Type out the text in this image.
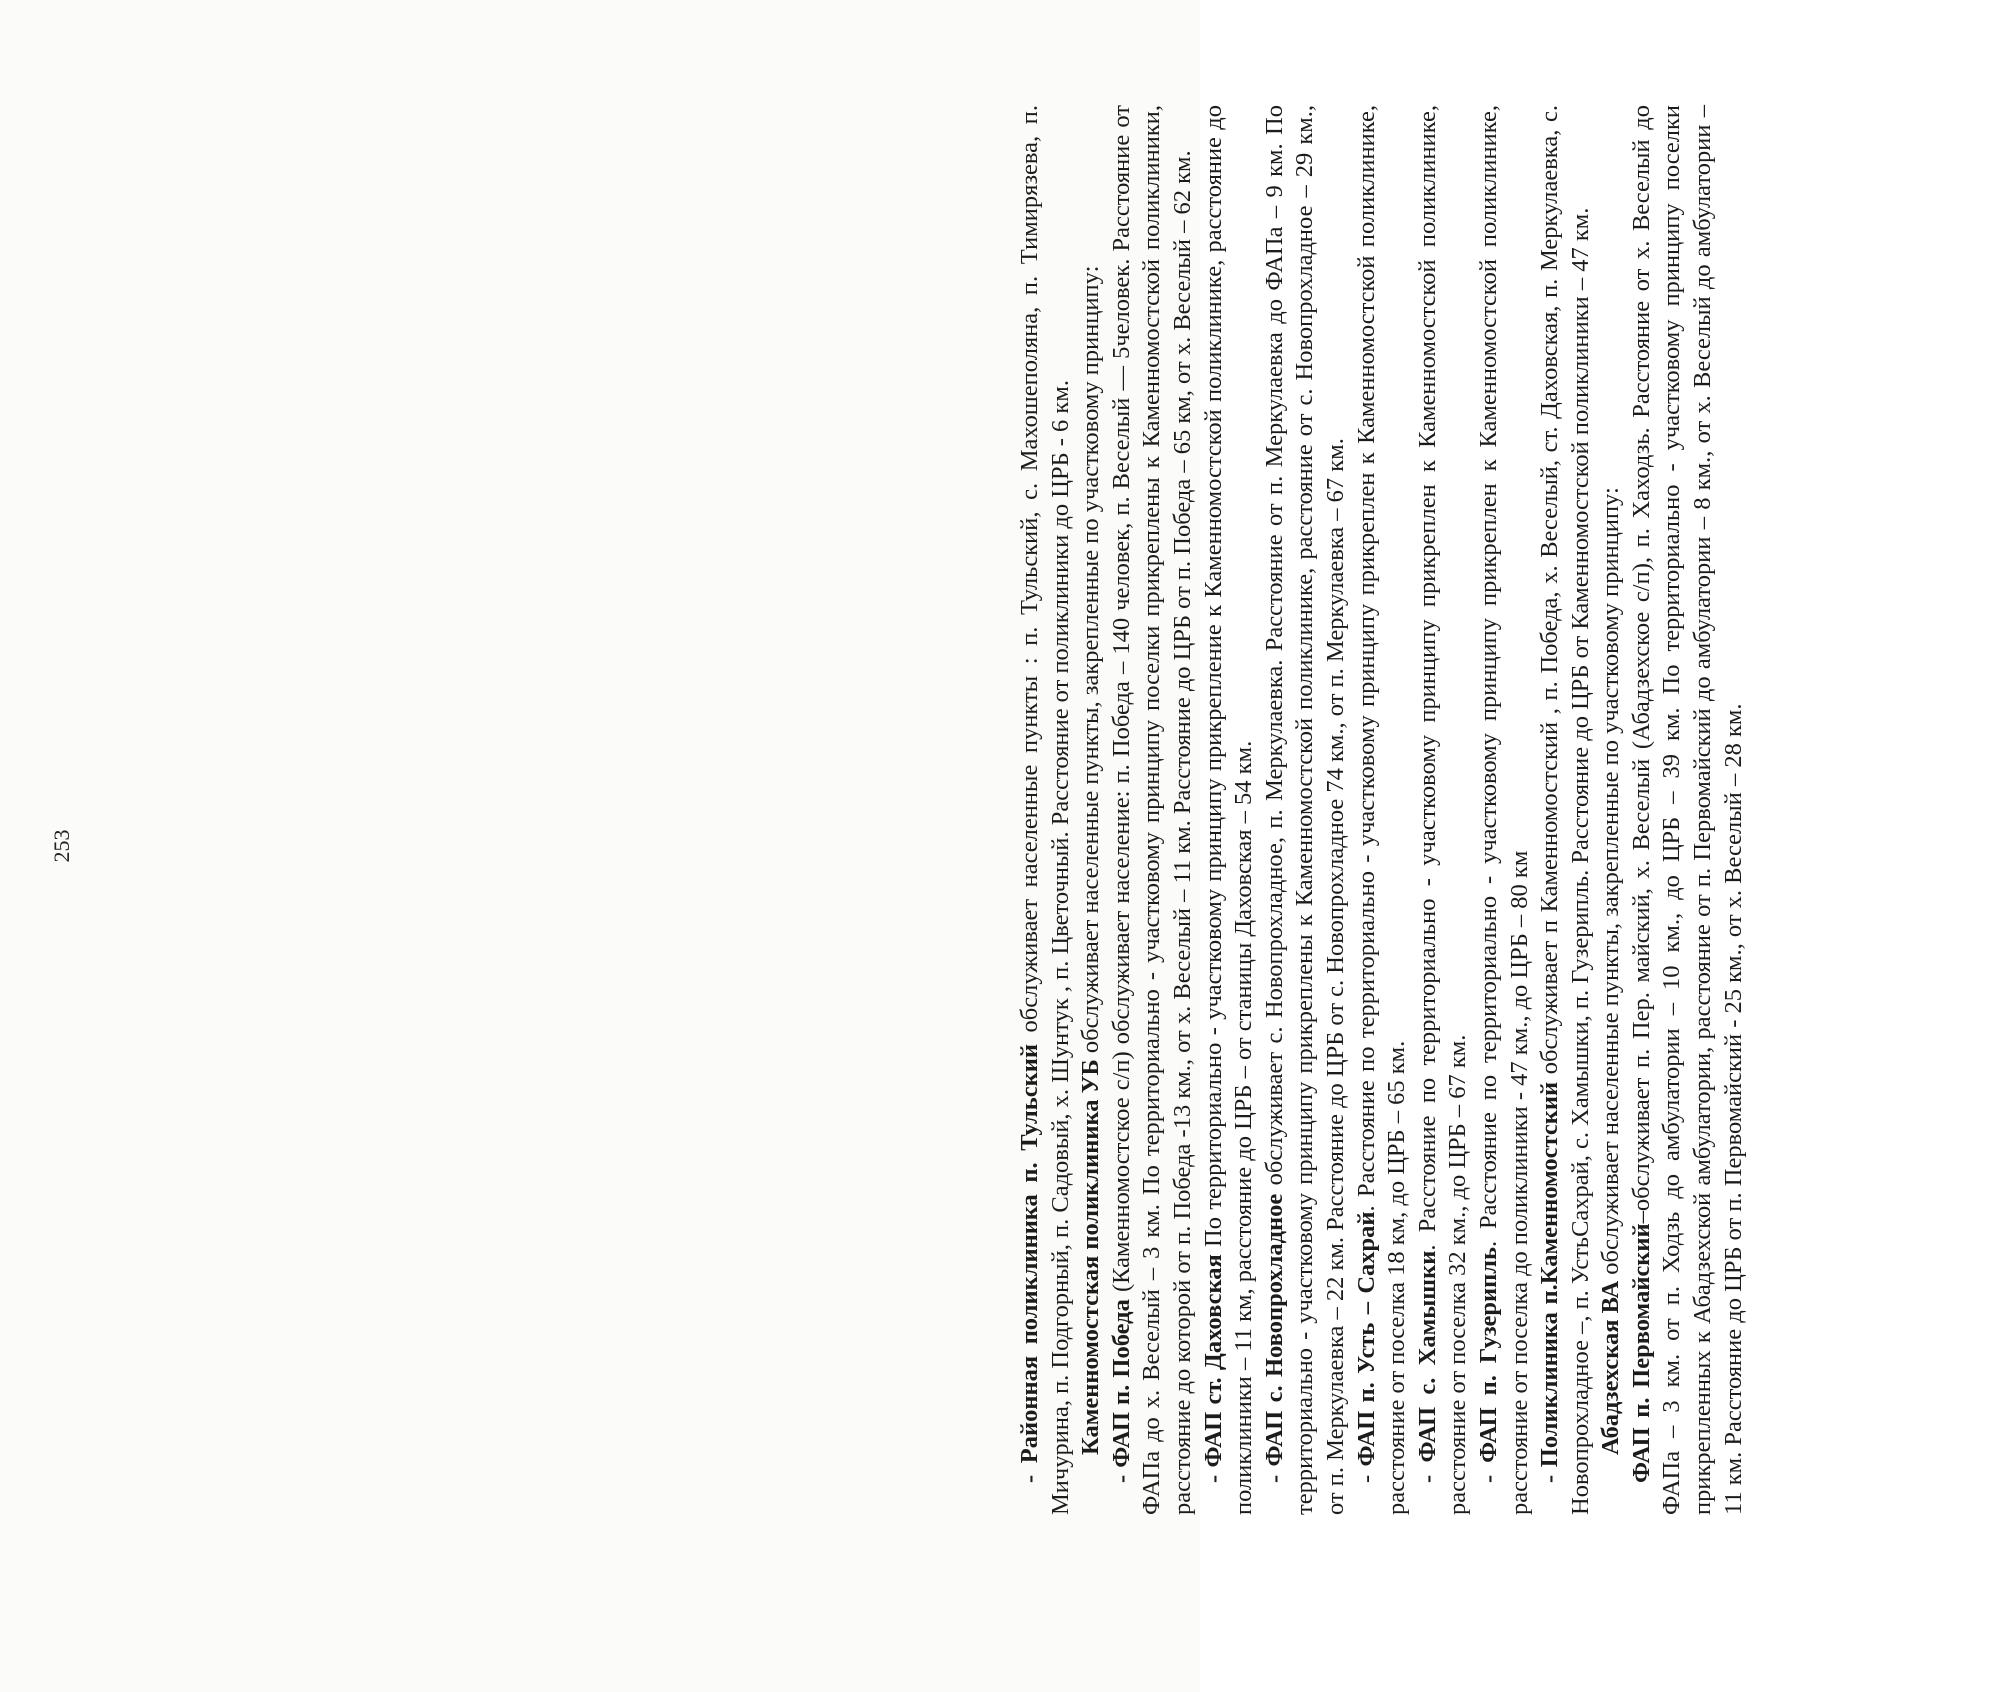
253

- Районная поликлиника п. Тульский обслуживает населенные пункты : п. Тульский, с. Махошеполяна, п. Тимирязева, п. Мичурина, п. Подгорный, п. Садовый, х. Шунтук , п. Цветочный. Расстояние от поликлиники до ЦРБ - 6 км. Каменномостская поликлиника УБ обслуживает населенные пункты, закрепленные по участковому принципу:

- ФАП п. Победа (Каменномостское с/п) обслуживает население: п. Победа – 140 человек, п. Веселый — 5человек. Расстояние от ФАПа до х. Веселый – 3 км. По территориально - участковому принципу поселки прикреплены к Каменномостской поликлиники, расстояние до которой от п. Победа -13 км., от х. Веселый – 11 км. Расстояние до ЦРБ от п. Победа – 65 км, от х. Веселый – 62 км. - ФАП ст. Даховская По территориально - участковому принципу прикрепление к Каменномостской поликлинике, расстояние до поликлиники – 11 км, расстояние до ЦРБ – от станицы Даховская – 54 км. - ФАП с. Новопрохладное обслуживает с. Новопрохладное, п. Меркулаевка. Расстояние от п. Меркулаевка до ФАПа – 9 км. По территориально - участковому принципу прикреплены к Каменномостской поликлинике, расстояние от с. Новопрохладное – 29 км., от п. Меркулаевка – 22 км. Расстояние до ЦРБ от с. Новопрохладное 74 км., от п. Меркулаевка – 67 км. - ФАП п. Усть – Сахрай. Расстояние по территориально - участковому принципу прикреплен к Каменномостской поликлинике, расстояние от поселка 18 км, до ЦРБ – 65 км. - ФАП с. Хамышки. Расстояние по территориально - участковому принципу прикреплен к Каменномостской поликлинике, расстояние от поселка 32 км., до ЦРБ – 67 км. - ФАП п. Гузерипль. Расстояние по территориально - участковому принципу прикреплен к Каменномостской поликлинике, расстояние от поселка до поликлиники - 47 км., до ЦРБ – 80 км - Поликлиника п.Каменномостский обслуживает п Каменномостский , п. Победа, х. Веселый, ст. Даховская, п. Меркулаевка, с. Новопрохладное –, п. УстьСахрай, с. Хамышки, п. Гузерипль. Расстояние до ЦРБ от Каменномостской поликлиники – 47 км. Абадзехская ВА обслуживает населенные пункты, закрепленные по участковому принципу:

ФАП п. Первомайский–обслуживает п. Пер. майский, х. Веселый (Абадзехское с/п), п. Хаходзь. Расстояние от х. Веселый до ФАПа – 3 км. от п. Ходзь до амбулатории – 10 км., до ЦРБ – 39 км. По территориально - участковому принципу поселки прикрепленных к Абадзехской амбулатории, расстояние от п. Первомайский до амбулатории – 8 км., от х. Веселый до амбулатории – 11 км. Расстояние до ЦРБ от п. Первомайский - 25 км., от х. Веселый – 28 км.
